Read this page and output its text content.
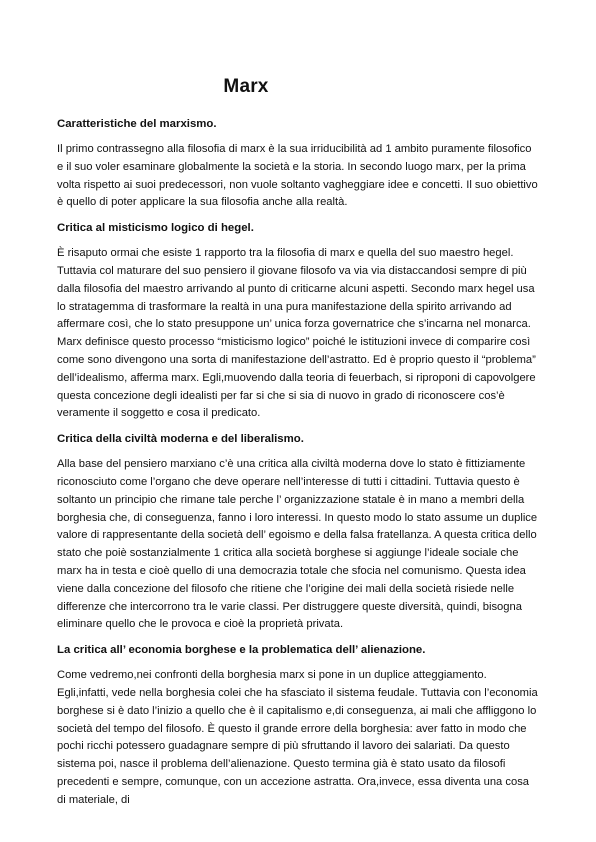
Marx
Caratteristiche del marxismo.

Il primo contrassegno alla filosofia di marx è la sua irriducibilità ad 1 ambito puramente filosofico e il suo voler esaminare globalmente la società e la storia. In secondo luogo marx, per la prima volta rispetto ai suoi predecessori, non vuole soltanto vagheggiare idee e concetti. Il suo obiettivo è quello di poter applicare la sua filosofia anche alla realtà.

Critica al misticismo logico di hegel.

È risaputo ormai che esiste 1 rapporto tra la filosofia di marx e quella del suo maestro hegel. Tuttavia col maturare del suo pensiero il giovane filosofo va via via distaccandosi sempre di più dalla filosofia del maestro arrivando al punto di criticarne alcuni aspetti. Secondo marx hegel usa lo stratagemma di trasformare la realtà in una pura manifestazione della spirito arrivando ad affermare così, che lo stato presuppone un’ unica forza governatrice che s’incarna nel monarca. Marx definisce questo processo “misticismo logico” poiché le istituzioni invece di comparire così come sono divengono una sorta di manifestazione dell’astratto. Ed è proprio questo il “problema” dell’idealismo, afferma marx. Egli,muovendo dalla teoria di feuerbach, si riproponi di capovolgere questa concezione degli idealisti per far si che si sia di nuovo in grado di riconoscere cos’è veramente il soggetto e cosa il predicato.

Critica della civiltà moderna e del liberalismo.

Alla base del pensiero marxiano c’è una critica alla civiltà moderna dove lo stato è fittiziamente riconosciuto come l’organo che deve operare nell’interesse di tutti i cittadini. Tuttavia questo è soltanto un principio che rimane tale perche l’ organizzazione statale è in mano a membri della borghesia che, di conseguenza, fanno i loro interessi. In questo modo lo stato assume un duplice valore di rappresentante della società dell’ egoismo e della falsa fratellanza. A questa critica dello stato che poiè sostanzialmente 1 critica alla società borghese si aggiunge l’ideale sociale che marx ha in testa e cioè quello di una democrazia totale che sfocia nel comunismo. Questa idea viene dalla concezione del filosofo che ritiene che l’origine dei mali della società risiede nelle differenze che intercorrono tra le varie classi. Per distruggere queste diversità, quindi, bisogna eliminare quello che le provoca e cioè la proprietà privata.

La critica all’ economia borghese e la problematica dell’ alienazione.

Come vedremo,nei confronti della borghesia marx si pone in un duplice atteggiamento. Egli,infatti, vede nella borghesia colei che ha sfasciato il sistema feudale. Tuttavia con l’economia borghese si è dato l’inizio a quello che è il capitalismo e,di conseguenza, ai mali che affliggono lo società del tempo del filosofo. È questo il grande errore della borghesia: aver fatto in modo che pochi ricchi potessero guadagnare sempre di più sfruttando il lavoro dei salariati. Da questo sistema poi, nasce il problema dell’alienazione. Questo termina già è stato usato da filosofi precedenti e sempre, comunque, con un accezione astratta. Ora,invece, essa diventa una cosa di materiale, di
